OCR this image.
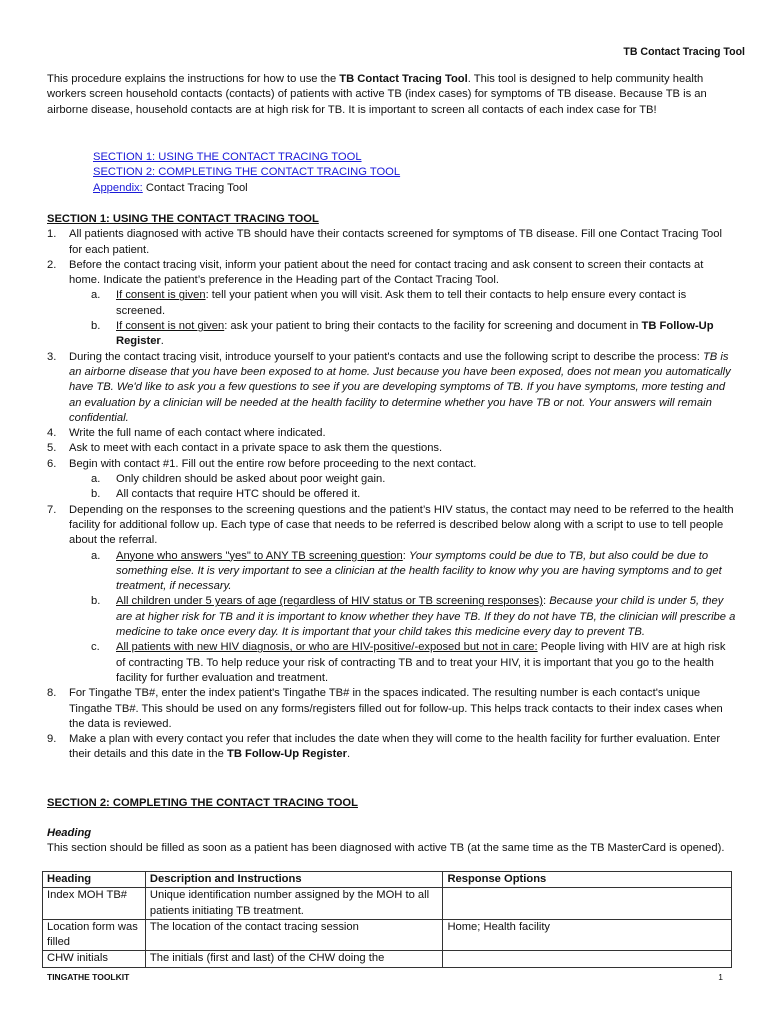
TB Contact Tracing Tool
This procedure explains the instructions for how to use the TB Contact Tracing Tool. This tool is designed to help community health workers screen household contacts (contacts) of patients with active TB (index cases) for symptoms of TB disease. Because TB is an airborne disease, household contacts are at high risk for TB. It is important to screen all contacts of each index case for TB!
SECTION 1: USING THE CONTACT TRACING TOOL
SECTION 2: COMPLETING THE CONTACT TRACING TOOL
Appendix: Contact Tracing Tool
SECTION 1: USING THE CONTACT TRACING TOOL
1. All patients diagnosed with active TB should have their contacts screened for symptoms of TB disease. Fill one Contact Tracing Tool for each patient.
2. Before the contact tracing visit, inform your patient about the need for contact tracing and ask consent to screen their contacts at home. Indicate the patient’s preference in the Heading part of the Contact Tracing Tool.
a. If consent is given: tell your patient when you will visit. Ask them to tell their contacts to help ensure every contact is screened.
b. If consent is not given: ask your patient to bring their contacts to the facility for screening and document in TB Follow-Up Register.
3. During the contact tracing visit, introduce yourself to your patient's contacts and use the following script to describe the process: TB is an airborne disease that you have been exposed to at home. Just because you have been exposed, does not mean you automatically have TB. We'd like to ask you a few questions to see if you are developing symptoms of TB. If you have symptoms, more testing and an evaluation by a clinician will be needed at the health facility to determine whether you have TB or not. Your answers will remain confidential.
4. Write the full name of each contact where indicated.
5. Ask to meet with each contact in a private space to ask them the questions.
6. Begin with contact #1. Fill out the entire row before proceeding to the next contact.
a. Only children should be asked about poor weight gain.
b. All contacts that require HTC should be offered it.
7. Depending on the responses to the screening questions and the patient’s HIV status, the contact may need to be referred to the health facility for additional follow up. Each type of case that needs to be referred is described below along with a script to use to tell people about the referral.
a. Anyone who answers "yes" to ANY TB screening question: Your symptoms could be due to TB, but also could be due to something else. It is very important to see a clinician at the health facility to know why you are having symptoms and to get treatment, if necessary.
b. All children under 5 years of age (regardless of HIV status or TB screening responses): Because your child is under 5, they are at higher risk for TB and it is important to know whether they have TB. If they do not have TB, the clinician will prescribe a medicine to take once every day. It is important that your child takes this medicine every day to prevent TB.
c. All patients with new HIV diagnosis, or who are HIV-positive/-exposed but not in care: People living with HIV are at high risk of contracting TB. To help reduce your risk of contracting TB and to treat your HIV, it is important that you go to the health facility for further evaluation and treatment.
8. For Tingathe TB#, enter the index patient's Tingathe TB# in the spaces indicated. The resulting number is each contact's unique Tingathe TB#. This should be used on any forms/registers filled out for follow-up. This helps track contacts to their index cases when the data is reviewed.
9. Make a plan with every contact you refer that includes the date when they will come to the health facility for further evaluation. Enter their details and this date in the TB Follow-Up Register.
SECTION 2: COMPLETING THE CONTACT TRACING TOOL
Heading
This section should be filled as soon as a patient has been diagnosed with active TB (at the same time as the TB MasterCard is opened).
Heading	Description and Instructions	Response Options
Index MOH TB#	Unique identification number assigned by the MOH to all patients initiating TB treatment.	
Location form was filled	The location of the contact tracing session	Home; Health facility
CHW initials	The initials (first and last) of the CHW doing the	
TINGATHE TOOLKIT	1
